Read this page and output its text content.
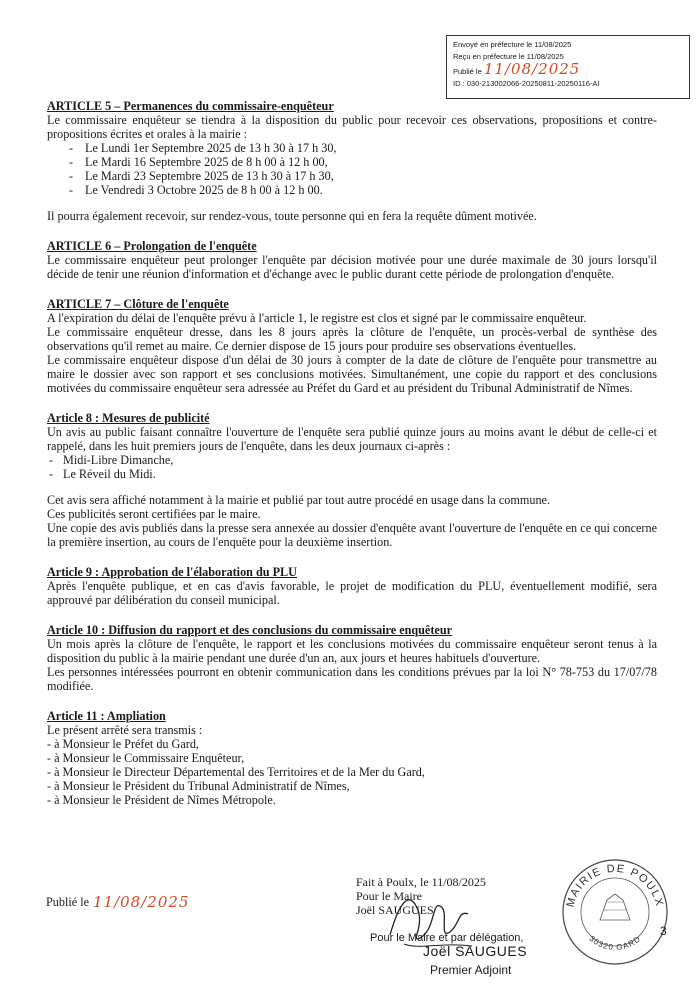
Envoyé en préfecture le 11/08/2025
Reçu en préfecture le 11/08/2025
Publié le 11/08/2025
ID : 030-213002066-20250811-20250116-AI

ARTICLE 5 – Permanences du commissaire-enquêteur

Le commissaire enquêteur se tiendra à la disposition du public pour recevoir ces observations, propositions et contre-propositions écrites et orales à la mairie :

- Le Lundi 1er Septembre 2025 de 13 h 30 à 17 h 30,
- Le Mardi 16 Septembre 2025 de 8 h 00 à 12 h 00,
- Le Mardi 23 Septembre 2025 de 13 h 30 à 17 h 30,
- Le Vendredi 3 Octobre 2025 de 8 h 00 à 12 h 00.

Il pourra également recevoir, sur rendez-vous, toute personne qui en fera la requête dûment motivée.

ARTICLE 6 – Prolongation de l'enquête

Le commissaire enquêteur peut prolonger l'enquête par décision motivée pour une durée maximale de 30 jours lorsqu'il décide de tenir une réunion d'information et d'échange avec le public durant cette période de prolongation d'enquête.

ARTICLE 7 – Clôture de l'enquête

A l'expiration du délai de l'enquête prévu à l'article 1, le registre est clos et signé par le commissaire enquêteur.

Le commissaire enquêteur dresse, dans les 8 jours après la clôture de l'enquête, un procès-verbal de synthèse des observations qu'il remet au maire. Ce dernier dispose de 15 jours pour produire ses observations éventuelles.

Le commissaire enquêteur dispose d'un délai de 30 jours à compter de la date de clôture de l'enquête pour transmettre au maire le dossier avec son rapport et ses conclusions motivées. Simultanément, une copie du rapport et des conclusions motivées du commissaire enquêteur sera adressée au Préfet du Gard et au président du Tribunal Administratif de Nîmes.

Article 8 : Mesures de publicité

Un avis au public faisant connaître l'ouverture de l'enquête sera publié quinze jours au moins avant le début de celle-ci et rappelé, dans les huit premiers jours de l'enquête, dans les deux journaux ci-après :

- Midi-Libre Dimanche,
- Le Réveil du Midi.

Cet avis sera affiché notamment à la mairie et publié par tout autre procédé en usage dans la commune.

Ces publicités seront certifiées par le maire.

Une copie des avis publiés dans la presse sera annexée au dossier d'enquête avant l'ouverture de l'enquête en ce qui concerne la première insertion, au cours de l'enquête pour la deuxième insertion.

Article 9 : Approbation de l'élaboration du PLU

Après l'enquête publique, et en cas d'avis favorable, le projet de modification du PLU, éventuellement modifié, sera approuvé par délibération du conseil municipal.

Article 10 : Diffusion du rapport et des conclusions du commissaire enquêteur

Un mois après la clôture de l'enquête, le rapport et les conclusions motivées du commissaire enquêteur seront tenus à la disposition du public à la mairie pendant une durée d'un an, aux jours et heures habituels d'ouverture.

Les personnes intéressées pourront en obtenir communication dans les conditions prévues par la loi N° 78-753 du 17/07/78 modifiée.

Article 11 : Ampliation

Le présent arrêté sera transmis :

- à Monsieur le Préfet du Gard,

- à Monsieur le Commissaire Enquêteur,

- à Monsieur le Directeur Départemental des Territoires et de la Mer du Gard,

- à Monsieur le Président du Tribunal Administratif de Nîmes,

- à Monsieur le Président de Nîmes Métropole.

Publié le 11/08/2025	MAIRIE DE POULX
30320 GARD
Fait à Poulx, le 11/08/2025
Pour le Maire
Joël SAUGUES
Pour le Maire et par délégation,
Joël SAUGUES
Premier Adjoint
3
